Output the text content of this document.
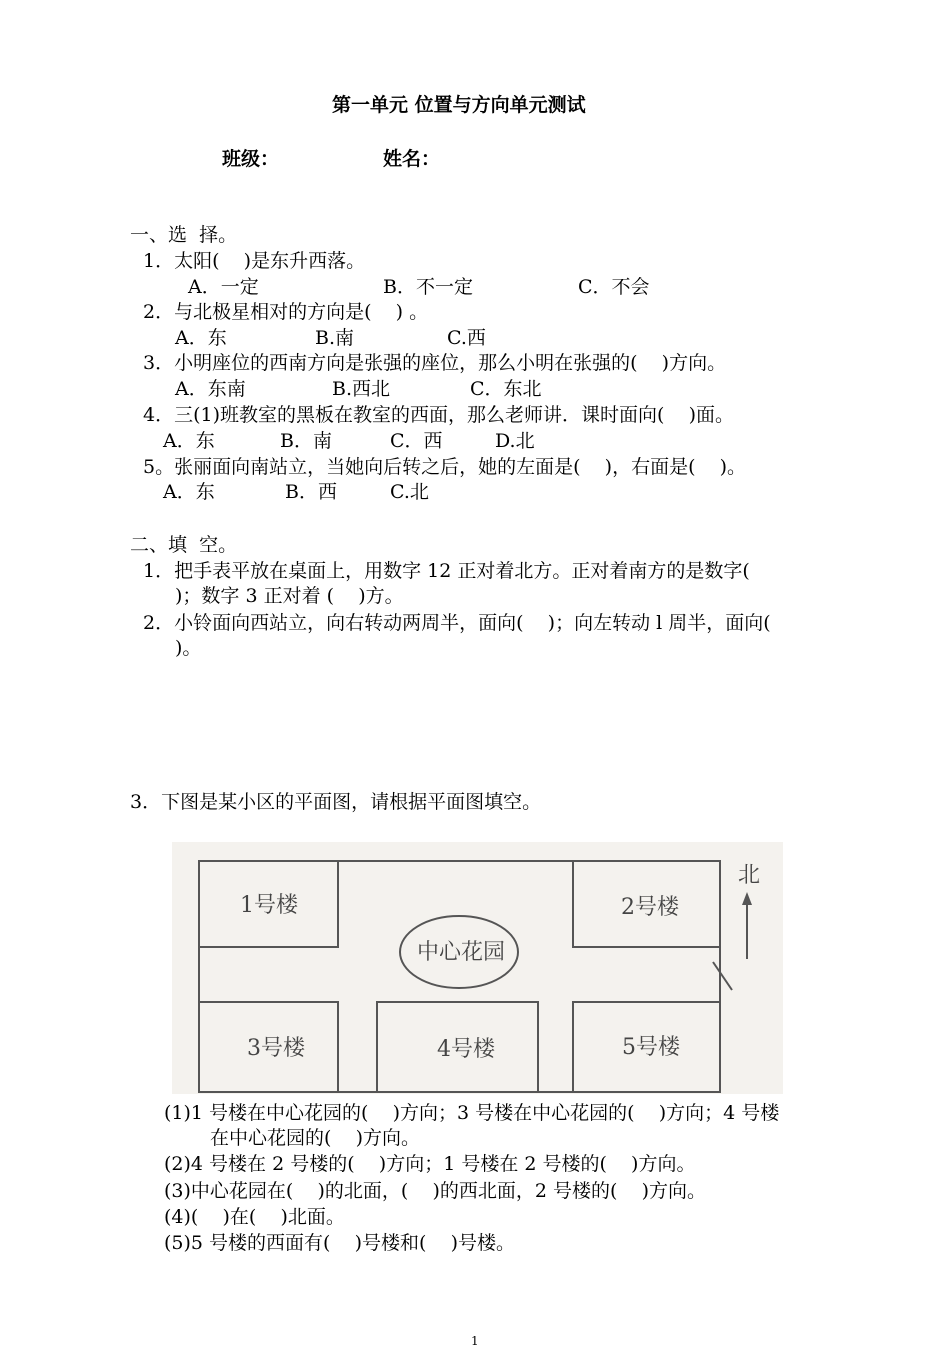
第一单元 位置与方向单元测试
班级：	姓名：
一、选  择。
1．太阳(    )是东升西落。
A．一定	B．不一定	C．不会
2．与北极星相对的方向是(    ) 。
A．东	B.南	C.西
3．小明座位的西南方向是张强的座位，那么小明在张强的(    )方向。
A．东南	B.西北	C．东北
4．三(1)班教室的黑板在教室的西面，那么老师讲．课时面向(    )面。
A．东	B．南	C．西	D.北
5。张丽面向南站立，当她向后转之后，她的左面是(    )，右面是(    )。
A．东	B．西	C.北
二、填  空。
1．把手表平放在桌面上，用数字 12 正对着北方。正对着南方的是数字(
)；数字 3 正对着 (    )方。
2．小铃面向西站立，向右转动两周半，面向(    )；向左转动 l 周半，面向(
)。
3．下图是某小区的平面图，请根据平面图填空。
1号楼	2号楼
3号楼	4号楼	5号楼
中心花园
北
(1)1 号楼在中心花园的(    )方向；3 号楼在中心花园的(    )方向；4 号楼
在中心花园的(    )方向。
(2)4 号楼在 2 号楼的(    )方向；1 号楼在 2 号楼的(    )方向。
(3)中心花园在(    )的北面，(    )的西北面，2 号楼的(    )方向。
(4)(    )在(    )北面。
(5)5 号楼的西面有(    )号楼和(    )号楼。
1
